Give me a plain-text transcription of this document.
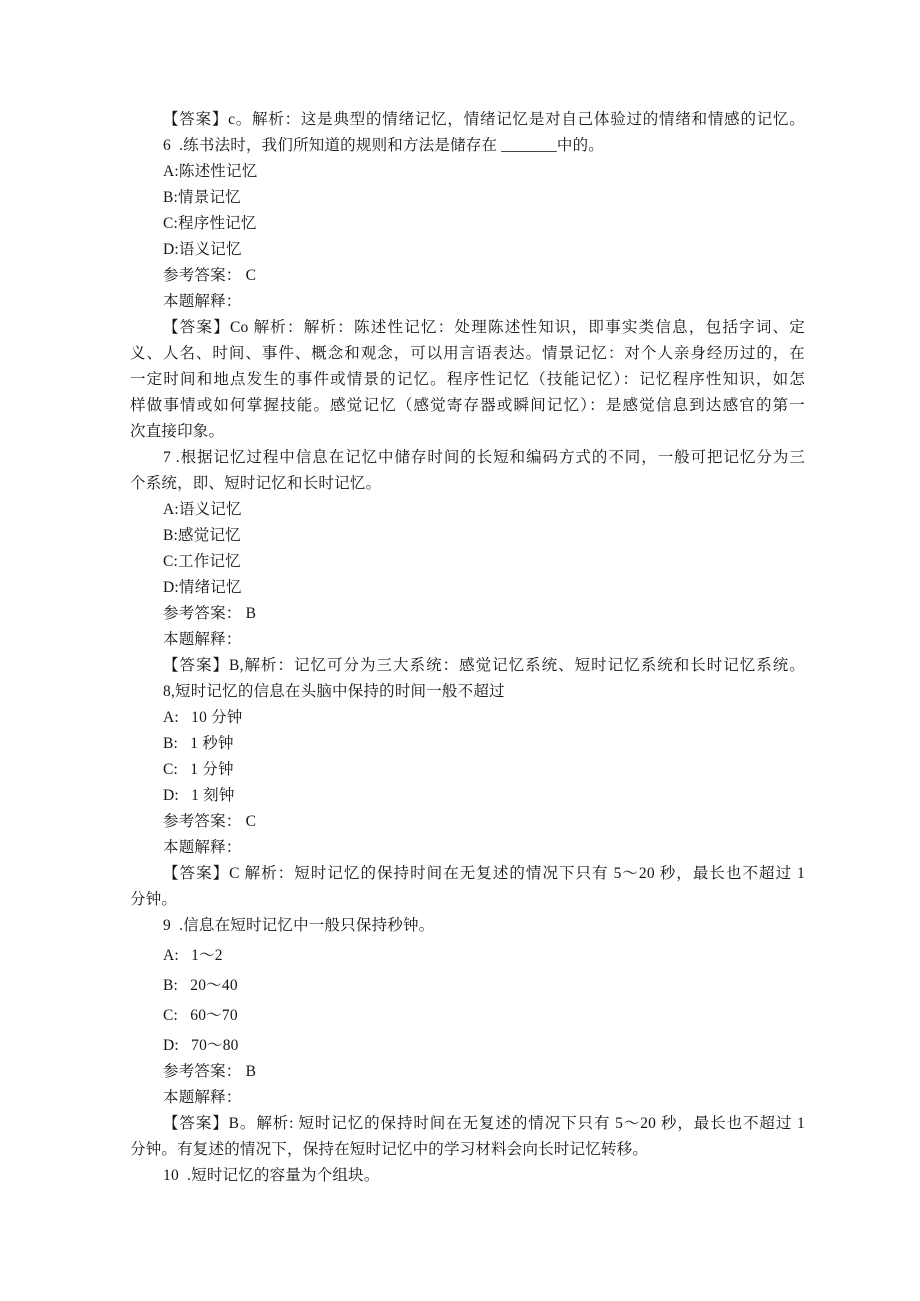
【答案】c。解析：这是典型的情绪记忆，情绪记忆是对自己体验过的情绪和情感的记忆。

6  .练书法时，我们所知道的规则和方法是储存在 _______中的。

A:陈述性记忆

B:情景记忆

C:程序性记忆

D:语义记忆

参考答案： C

本题解释：

【答案】Co 解析：解析：陈述性记忆：处理陈述性知识，即事实类信息，包括字词、定

义、人名、时间、事件、概念和观念，可以用言语表达。情景记忆：对个人亲身经历过的，在

一定时间和地点发生的事件或情景的记忆。程序性记忆（技能记忆）：记忆程序性知识，如怎

样做事情或如何掌握技能。感觉记忆（感觉寄存器或瞬间记忆）：是感觉信息到达感官的第一

次直接印象。

7 .根据记忆过程中信息在记忆中储存时间的长短和编码方式的不同，一般可把记忆分为三

个系统，即、短时记忆和长时记忆。

A:语义记忆

B:感觉记忆

C:工作记忆

D:情绪记忆

参考答案： B

本题解释：

【答案】B,解析：记忆可分为三大系统：感觉记忆系统、短时记忆系统和长时记忆系统。

8,短时记忆的信息在头脑中保持的时间一般不超过

A:   10 分钟

B:   1 秒钟

C:   1 分钟

D:   1 刻钟

参考答案： C

本题解释：

【答案】C 解析：短时记忆的保持时间在无复述的情况下只有 5～20 秒，最长也不超过 1

分钟。

9  .信息在短时记忆中一般只保持秒钟。

A:   1～2

B:   20～40

C:   60～70

D:   70～80

参考答案： B

本题解释：

【答案】B。解析: 短时记忆的保持时间在无复述的情况下只有 5～20 秒，最长也不超过 1

分钟。有复述的情况下，保持在短时记忆中的学习材料会向长时记忆转移。

10  .短时记忆的容量为个组块。
